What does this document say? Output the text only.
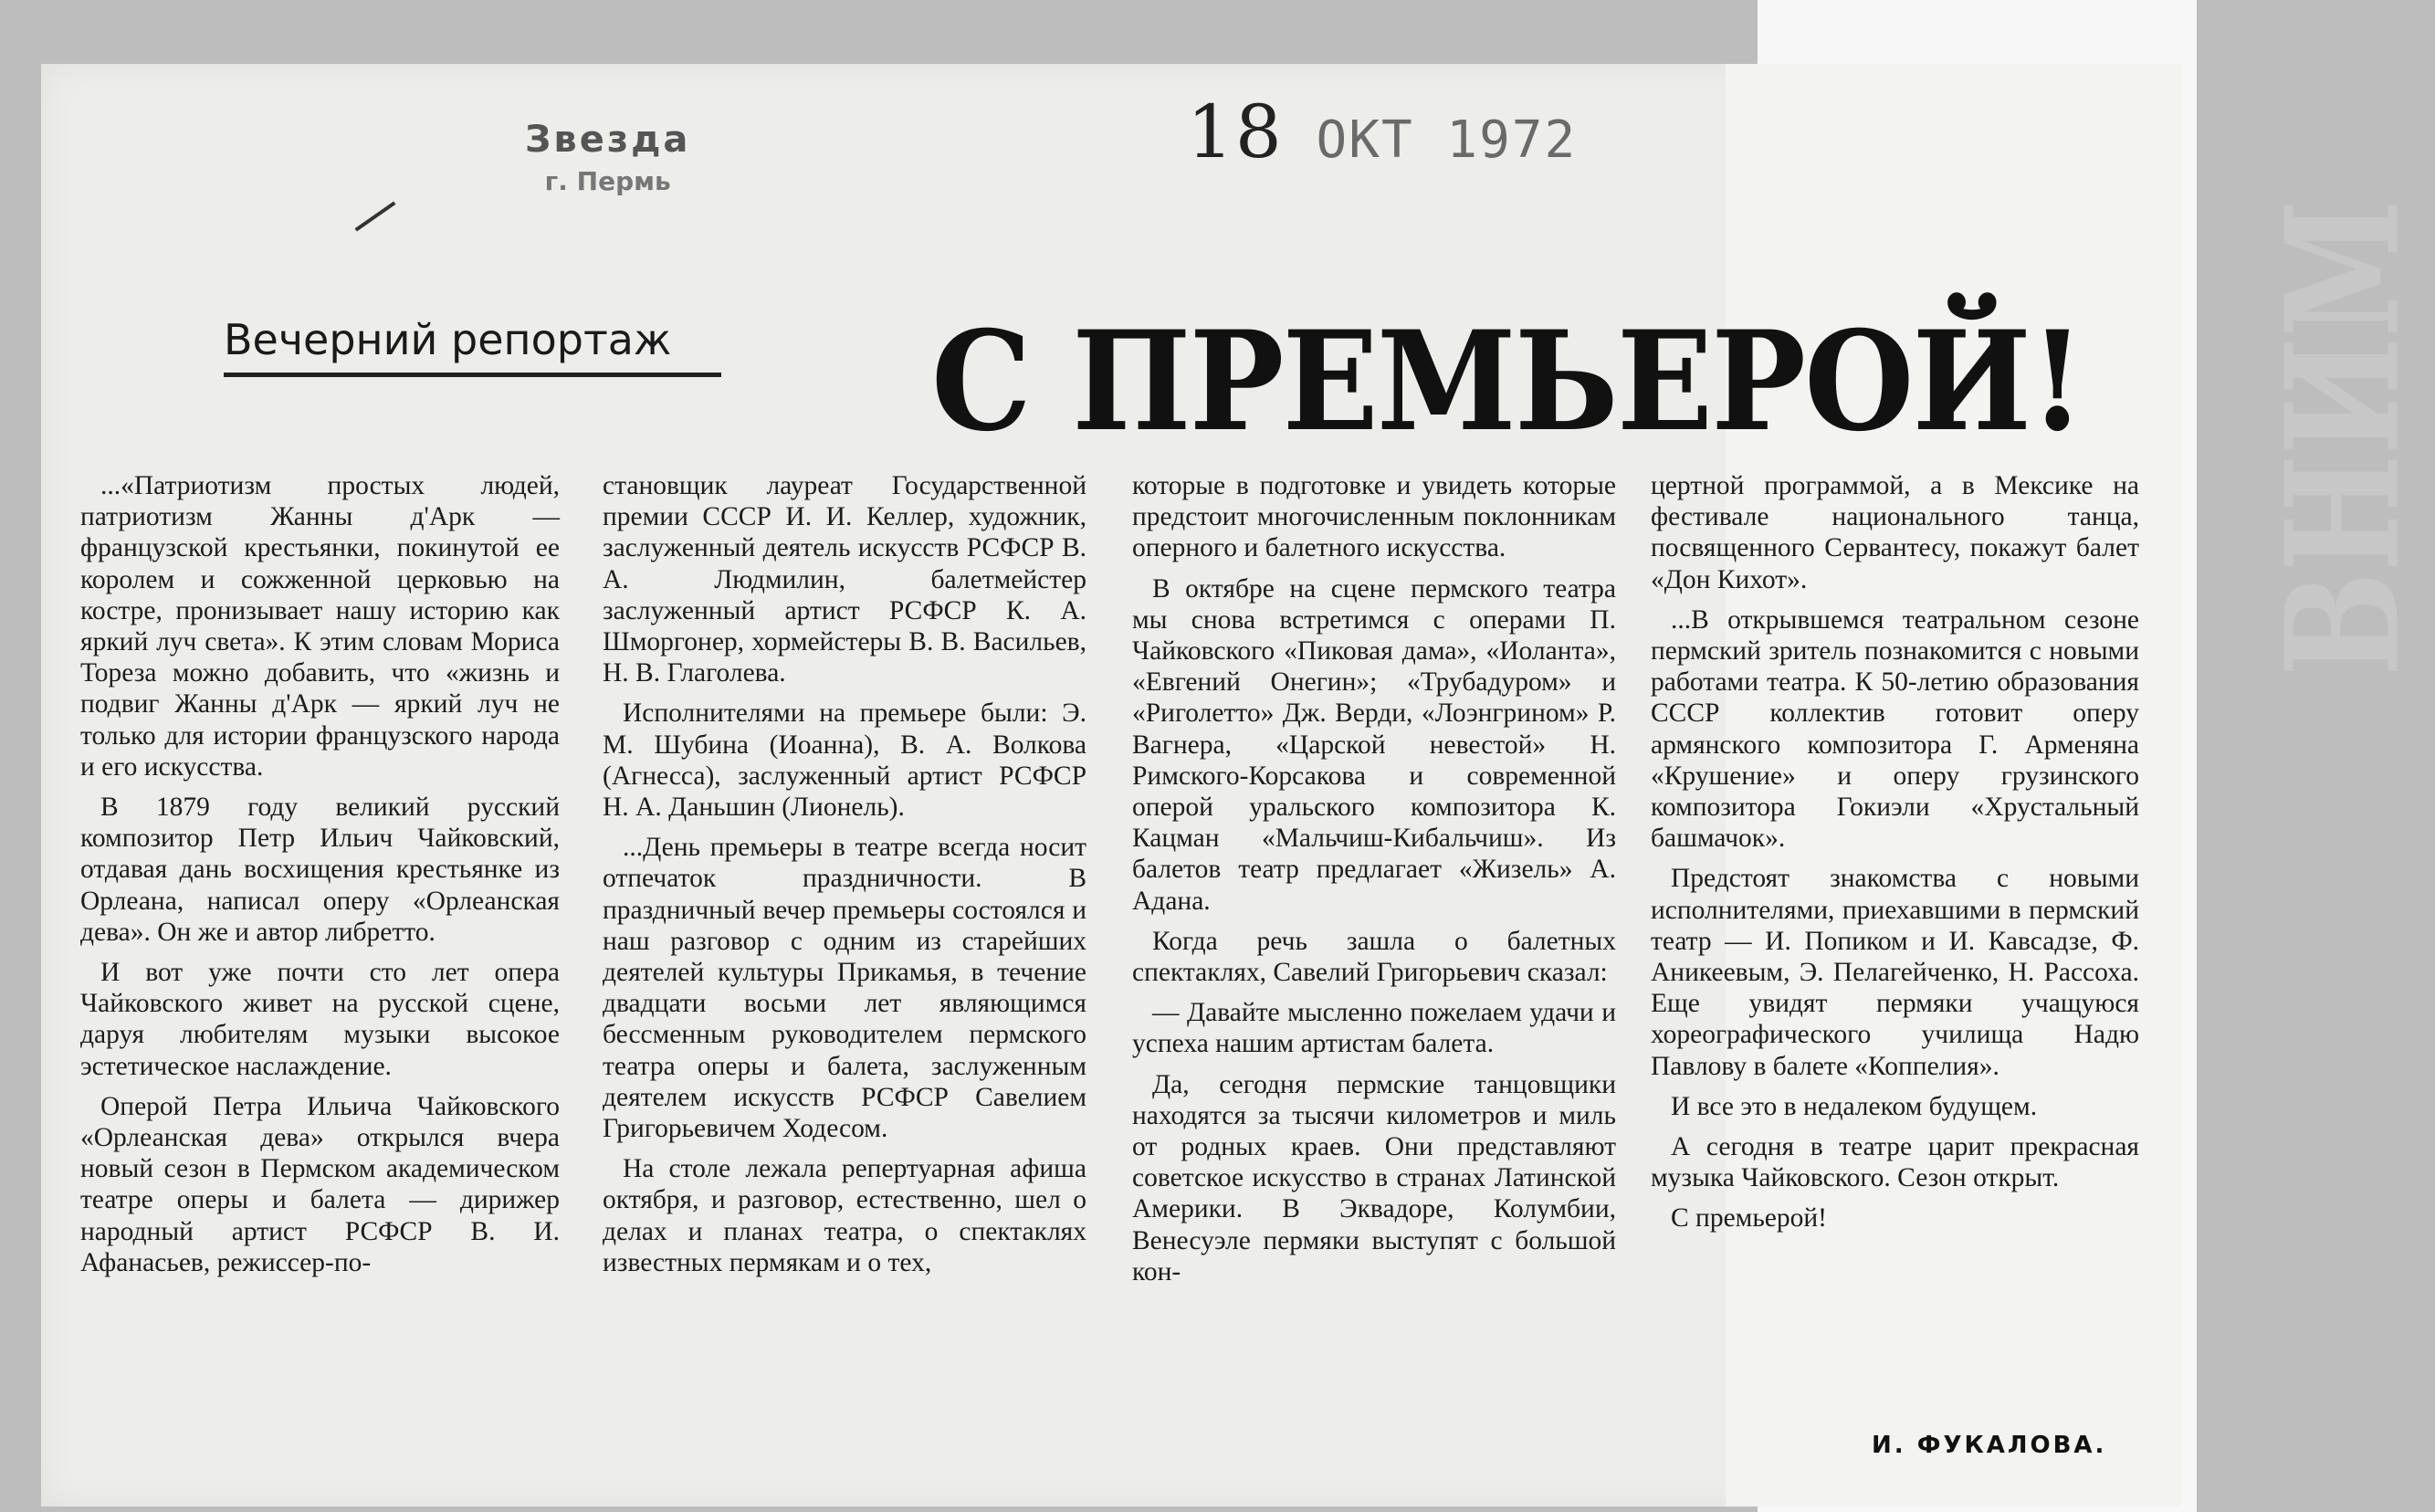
ВНИМ
Звезда
г. Пермь
18 ОКТ 1972
Вечерний репортаж С ПРЕМЬЕРОЙ!

...«Патриотизм простых людей, патриотизм Жанны д'Арк — французской крестьянки, покинутой ее королем и сожженной церковью на костре, пронизывает нашу историю как яркий луч света». К этим словам Мориса Тореза можно добавить, что «жизнь и подвиг Жанны д'Арк — яркий луч не только для истории французского народа и его искусства.

В 1879 году великий русский композитор Петр Ильич Чайковский, отдавая дань восхищения крестьянке из Орлеана, написал оперу «Орлеанская дева». Он же и автор либретто.

И вот уже почти сто лет опера Чайковского живет на русской сцене, даруя любителям музыки высокое эстетическое наслаждение.

Оперой Петра Ильича Чайковского «Орлеанская дева» открылся вчера новый сезон в Пермском академическом театре оперы и балета — дирижер народный артист РСФСР В. И. Афанасьев, режиссер-по-

становщик лауреат Государственной премии СССР И. И. Келлер, художник, заслуженный деятель искусств РСФСР В. А. Людмилин, балетмейстер заслуженный артист РСФСР К. А. Шморгонер, хормейстеры В. В. Васильев, Н. В. Глаголева.

Исполнителями на премьере были: Э. М. Шубина (Иоанна), В. А. Волкова (Агнесса), заслуженный артист РСФСР Н. А. Даньшин (Лионель).

...День премьеры в театре всегда носит отпечаток праздничности. В праздничный вечер премьеры состоялся и наш разговор с одним из старейших деятелей культуры Прикамья, в течение двадцати восьми лет являющимся бессменным руководителем пермского театра оперы и балета, заслуженным деятелем искусств РСФСР Савелием Григорьевичем Ходесом.

На столе лежала репертуарная афиша октября, и разговор, естественно, шел о делах и планах театра, о спектаклях известных пермякам и о тех,

которые в подготовке и увидеть которые предстоит многочисленным поклонникам оперного и балетного искусства.

В октябре на сцене пермского театра мы снова встретимся с операми П. Чайковского «Пиковая дама», «Иоланта», «Евгений Онегин»; «Трубадуром» и «Риголетто» Дж. Верди, «Лоэнгрином» Р. Вагнера, «Царской невестой» Н. Римского-Корсакова и современной оперой уральского композитора К. Кацман «Мальчиш-Кибальчиш». Из балетов театр предлагает «Жизель» А. Адана.

Когда речь зашла о балетных спектаклях, Савелий Григорьевич сказал:

— Давайте мысленно пожелаем удачи и успеха нашим артистам балета.

Да, сегодня пермские танцовщики находятся за тысячи километров и миль от родных краев. Они представляют советское искусство в странах Латинской Америки. В Эквадоре, Колумбии, Венесуэле пермяки выступят с большой кон-

цертной программой, а в Мексике на фестивале национального танца, посвященного Сервантесу, покажут балет «Дон Кихот».

...В открывшемся театральном сезоне пермский зритель познакомится с новыми работами театра. К 50-летию образования СССР коллектив готовит оперу армянского композитора Г. Арменяна «Крушение» и оперу грузинского композитора Гокиэли «Хрустальный башмачок».

Предстоят знакомства с новыми исполнителями, приехавшими в пермский театр — И. Попиком и И. Кавсадзе, Ф. Аникеевым, Э. Пелагейченко, Н. Рассоха. Еще увидят пермяки учащуюся хореографического училища Надю Павлову в балете «Коппелия».

И все это в недалеком будущем.

А сегодня в театре царит прекрасная музыка Чайковского. Сезон открыт.

С премьерой!

И. ФУКАЛОВА.
